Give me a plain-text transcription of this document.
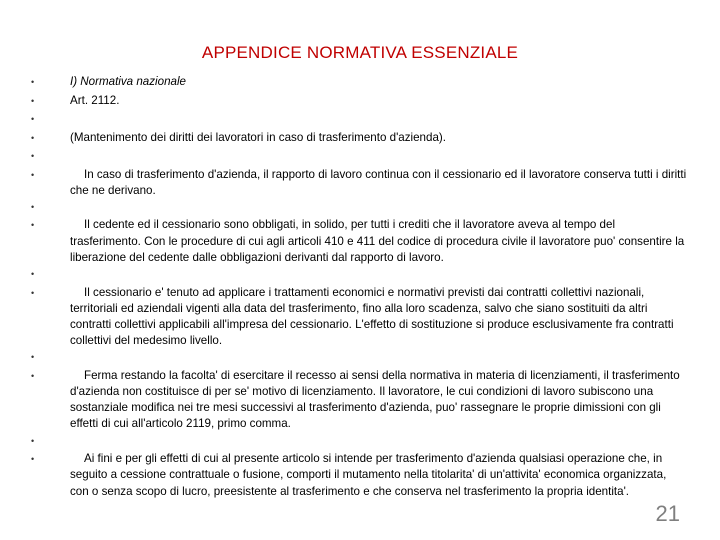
APPENDICE NORMATIVA ESSENZIALE
•	I) Normativa nazionale
•	Art. 2112.
•
•	(Mantenimento dei diritti dei lavoratori in caso di trasferimento d'azienda).
•
•	In caso di trasferimento d'azienda, il rapporto di lavoro continua con il cessionario ed il lavoratore conserva tutti i diritti che ne derivano.
•
•	Il cedente ed il cessionario sono obbligati, in solido, per tutti i crediti che il lavoratore aveva al tempo del trasferimento. Con le procedure di cui agli articoli 410 e 411 del codice di procedura civile il lavoratore puo' consentire la liberazione del cedente dalle obbligazioni derivanti dal rapporto di lavoro.
•
•	Il cessionario e' tenuto ad applicare i trattamenti economici e normativi previsti dai contratti collettivi nazionali, territoriali ed aziendali vigenti alla data del trasferimento, fino alla loro scadenza, salvo che siano sostituiti da altri contratti collettivi applicabili all'impresa del cessionario. L'effetto di sostituzione si produce esclusivamente fra contratti collettivi del medesimo livello.
•
•	Ferma restando la facolta' di esercitare il recesso ai sensi della normativa in materia di licenziamenti, il trasferimento d'azienda non costituisce di per se' motivo di licenziamento. Il lavoratore, le cui condizioni di lavoro subiscono una sostanziale modifica nei tre mesi successivi al trasferimento d'azienda, puo' rassegnare le proprie dimissioni con gli effetti di cui all'articolo 2119, primo comma.
•
•	Ai fini e per gli effetti di cui al presente articolo si intende per trasferimento d'azienda qualsiasi operazione che, in seguito a cessione contrattuale o fusione, comporti il mutamento nella titolarita' di un'attivita' economica organizzata, con o senza scopo di lucro, preesistente al trasferimento e che conserva nel trasferimento la propria identita'.
21
